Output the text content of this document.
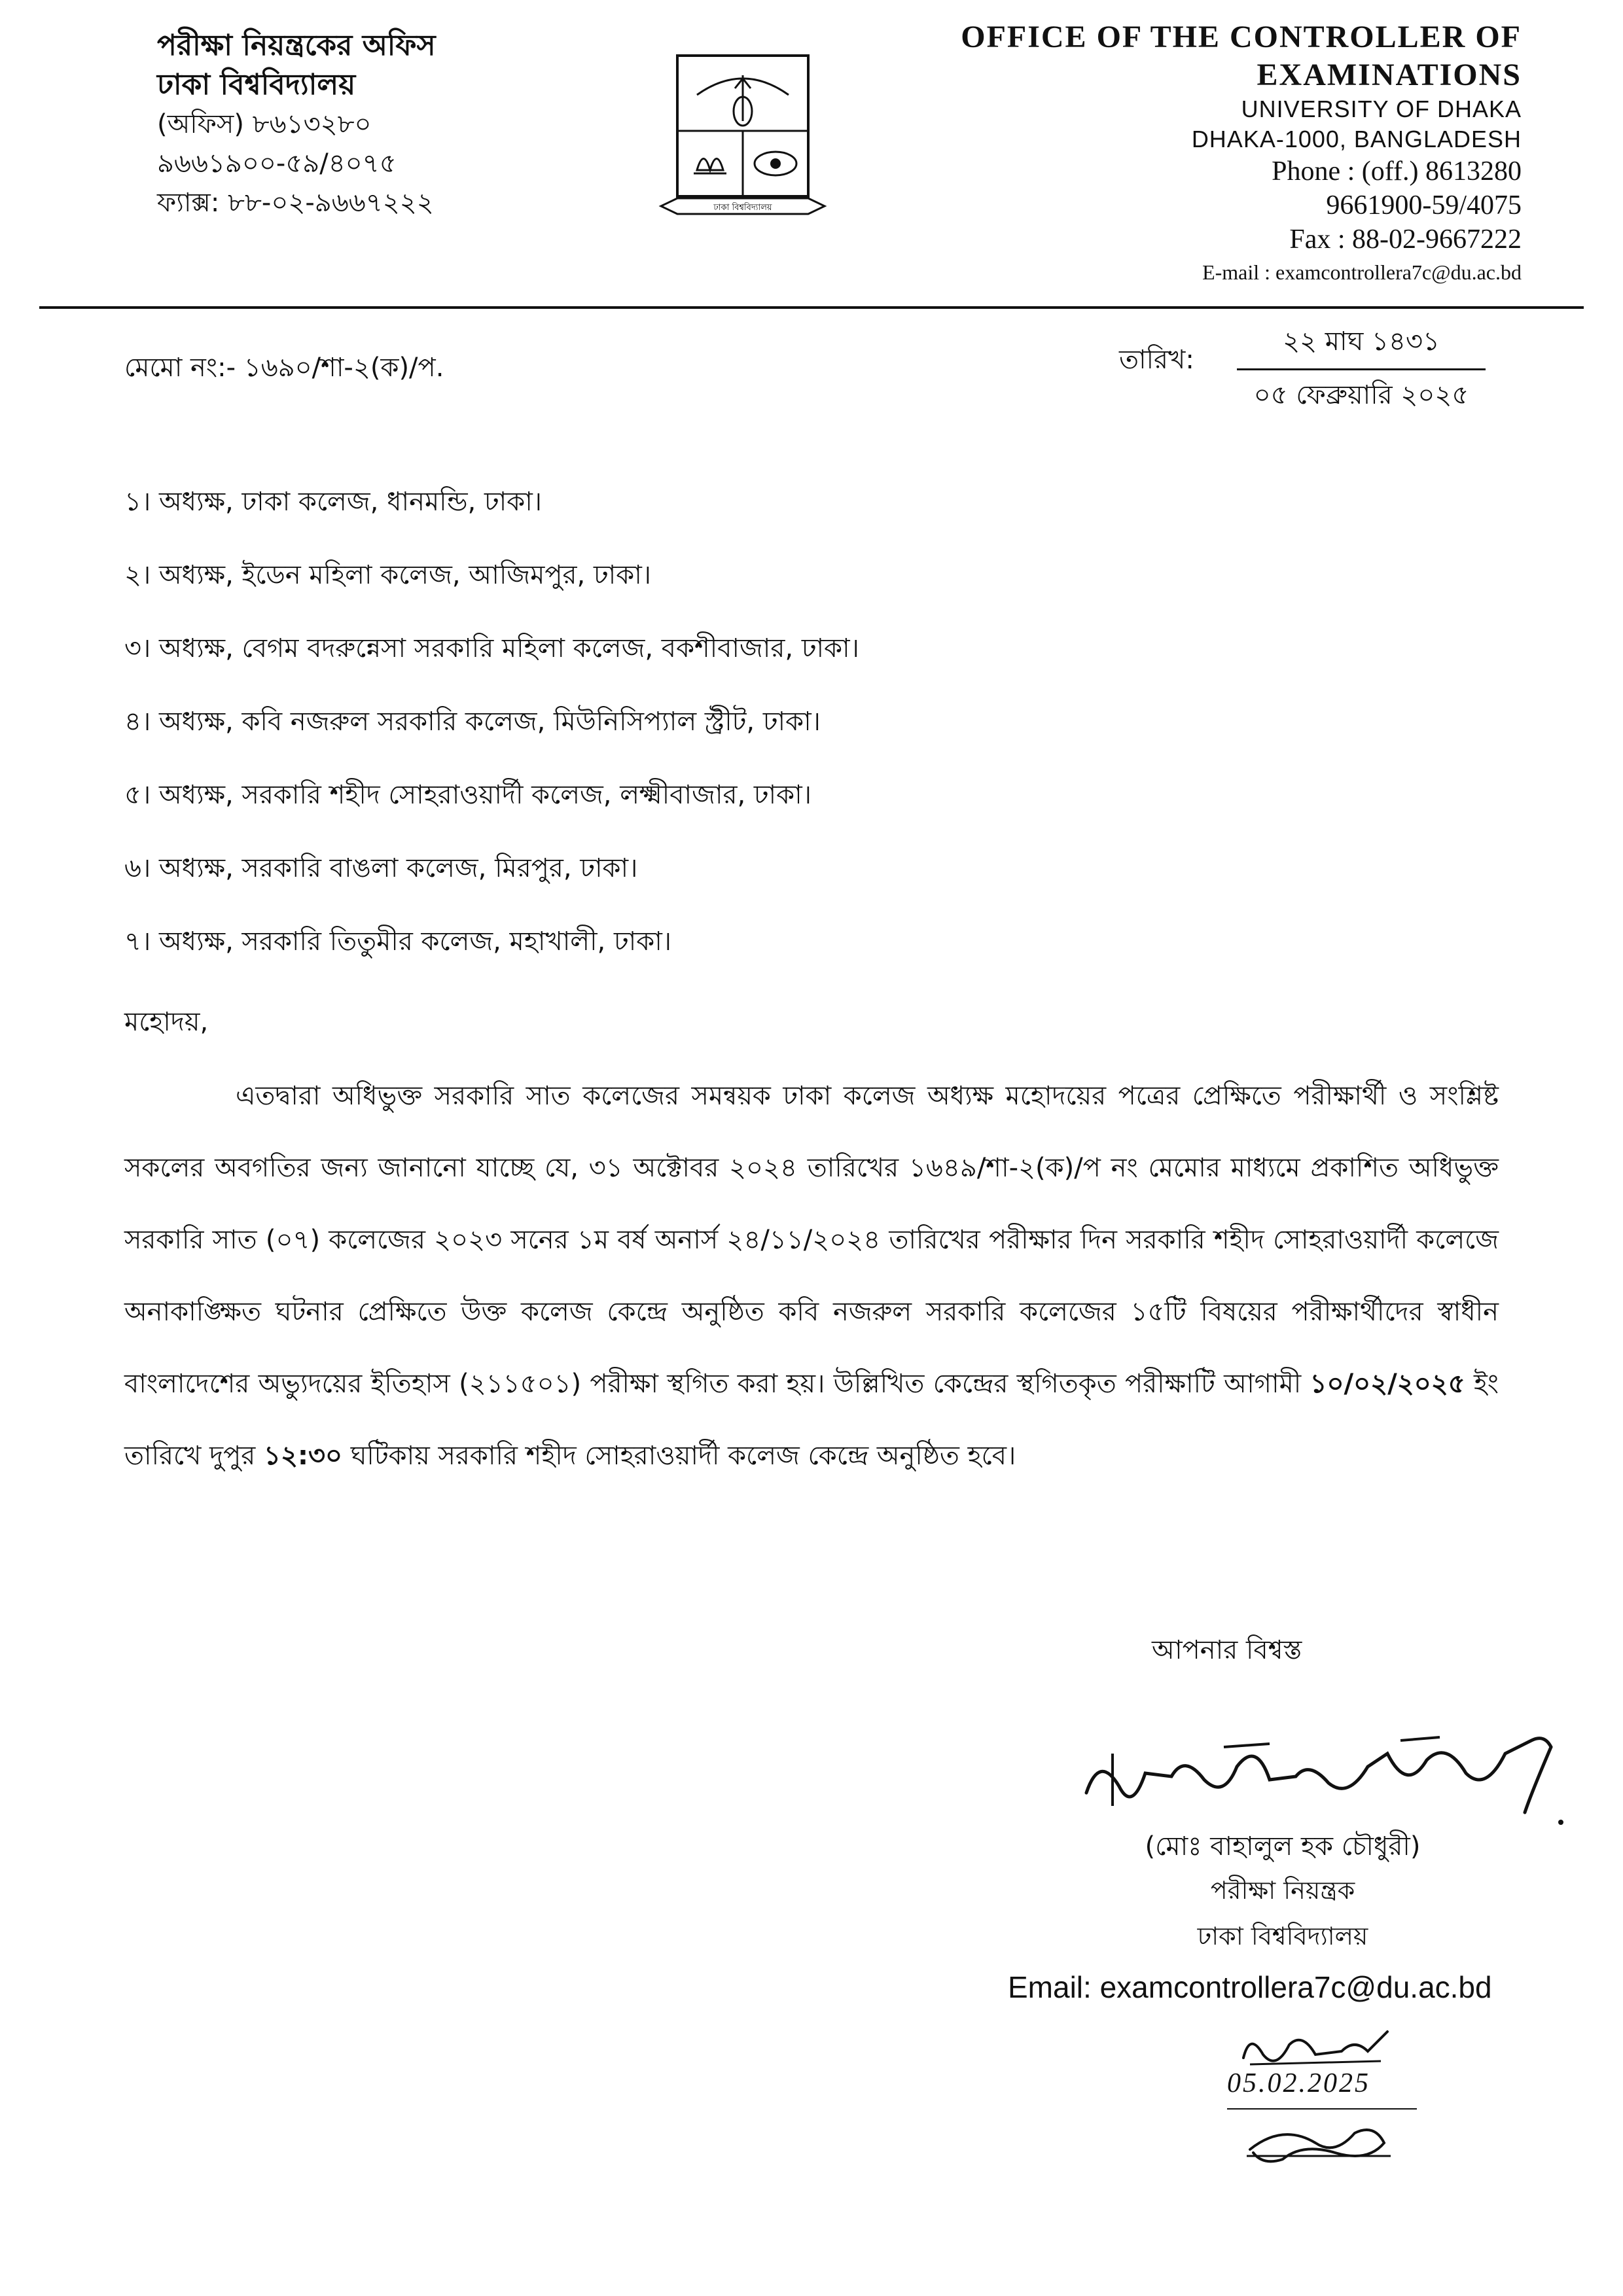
পরীক্ষা নিয়ন্ত্রকের অফিস
ঢাকা বিশ্ববিদ্যালয়
(অফিস) ৮৬১৩২৮০
৯৬৬১৯০০-৫৯/৪০৭৫
ফ্যাক্স: ৮৮-০২-৯৬৬৭২২২	ঢাকা বিশ্ববিদ্যালয়
OFFICE OF THE CONTROLLER OF
EXAMINATIONS
UNIVERSITY OF DHAKA
DHAKA-1000, BANGLADESH
Phone : (off.) 8613280
9661900-59/4075
Fax : 88-02-9667222
E-mail : examcontrollera7c@du.ac.bd
মেমো নং:- ১৬৯০/শা-২(ক)/প.	তারিখ:
২২ মাঘ ১৪৩১
০৫ ফেব্রুয়ারি ২০২৫
১। অধ্যক্ষ, ঢাকা কলেজ, ধানমন্ডি, ঢাকা।
২। অধ্যক্ষ, ইডেন মহিলা কলেজ, আজিমপুর, ঢাকা।
৩। অধ্যক্ষ, বেগম বদরুন্নেসা সরকারি মহিলা কলেজ, বকশীবাজার, ঢাকা।
৪। অধ্যক্ষ, কবি নজরুল সরকারি কলেজ, মিউনিসিপ্যাল স্ট্রীট, ঢাকা।
৫। অধ্যক্ষ, সরকারি শহীদ সোহরাওয়ার্দী কলেজ, লক্ষ্মীবাজার, ঢাকা।
৬। অধ্যক্ষ, সরকারি বাঙলা কলেজ, মিরপুর, ঢাকা।
৭। অধ্যক্ষ, সরকারি তিতুমীর কলেজ, মহাখালী, ঢাকা।
মহোদয়,
এতদ্বারা অধিভুক্ত সরকারি সাত কলেজের সমন্বয়ক ঢাকা কলেজ অধ্যক্ষ মহোদয়ের পত্রের প্রেক্ষিতে পরীক্ষার্থী ও সংশ্লিষ্ট সকলের অবগতির জন্য জানানো যাচ্ছে যে, ৩১ অক্টোবর ২০২৪ তারিখের ১৬৪৯/শা-২(ক)/প নং মেমোর মাধ্যমে প্রকাশিত অধিভুক্ত সরকারি সাত (০৭) কলেজের ২০২৩ সনের ১ম বর্ষ অনার্স ২৪/১১/২০২৪ তারিখের পরীক্ষার দিন সরকারি শহীদ সোহরাওয়ার্দী কলেজে অনাকাঙ্ক্ষিত ঘটনার প্রেক্ষিতে উক্ত কলেজ কেন্দ্রে অনুষ্ঠিত কবি নজরুল সরকারি কলেজের ১৫টি বিষয়ের পরীক্ষার্থীদের স্বাধীন বাংলাদেশের অভ্যুদয়ের ইতিহাস (২১১৫০১) পরীক্ষা স্থগিত করা হয়। উল্লিখিত কেন্দ্রের স্থগিতকৃত পরীক্ষাটি আগামী ১০/০২/২০২৫ ইং তারিখে দুপুর ১২:৩০ ঘটিকায় সরকারি শহীদ সোহরাওয়ার্দী কলেজ কেন্দ্রে অনুষ্ঠিত হবে।
আপনার বিশ্বস্ত
(মোঃ বাহালুল হক চৌধুরী)
পরীক্ষা নিয়ন্ত্রক
ঢাকা বিশ্ববিদ্যালয়
Email: examcontrollera7c@du.ac.bd
05.02.2025
